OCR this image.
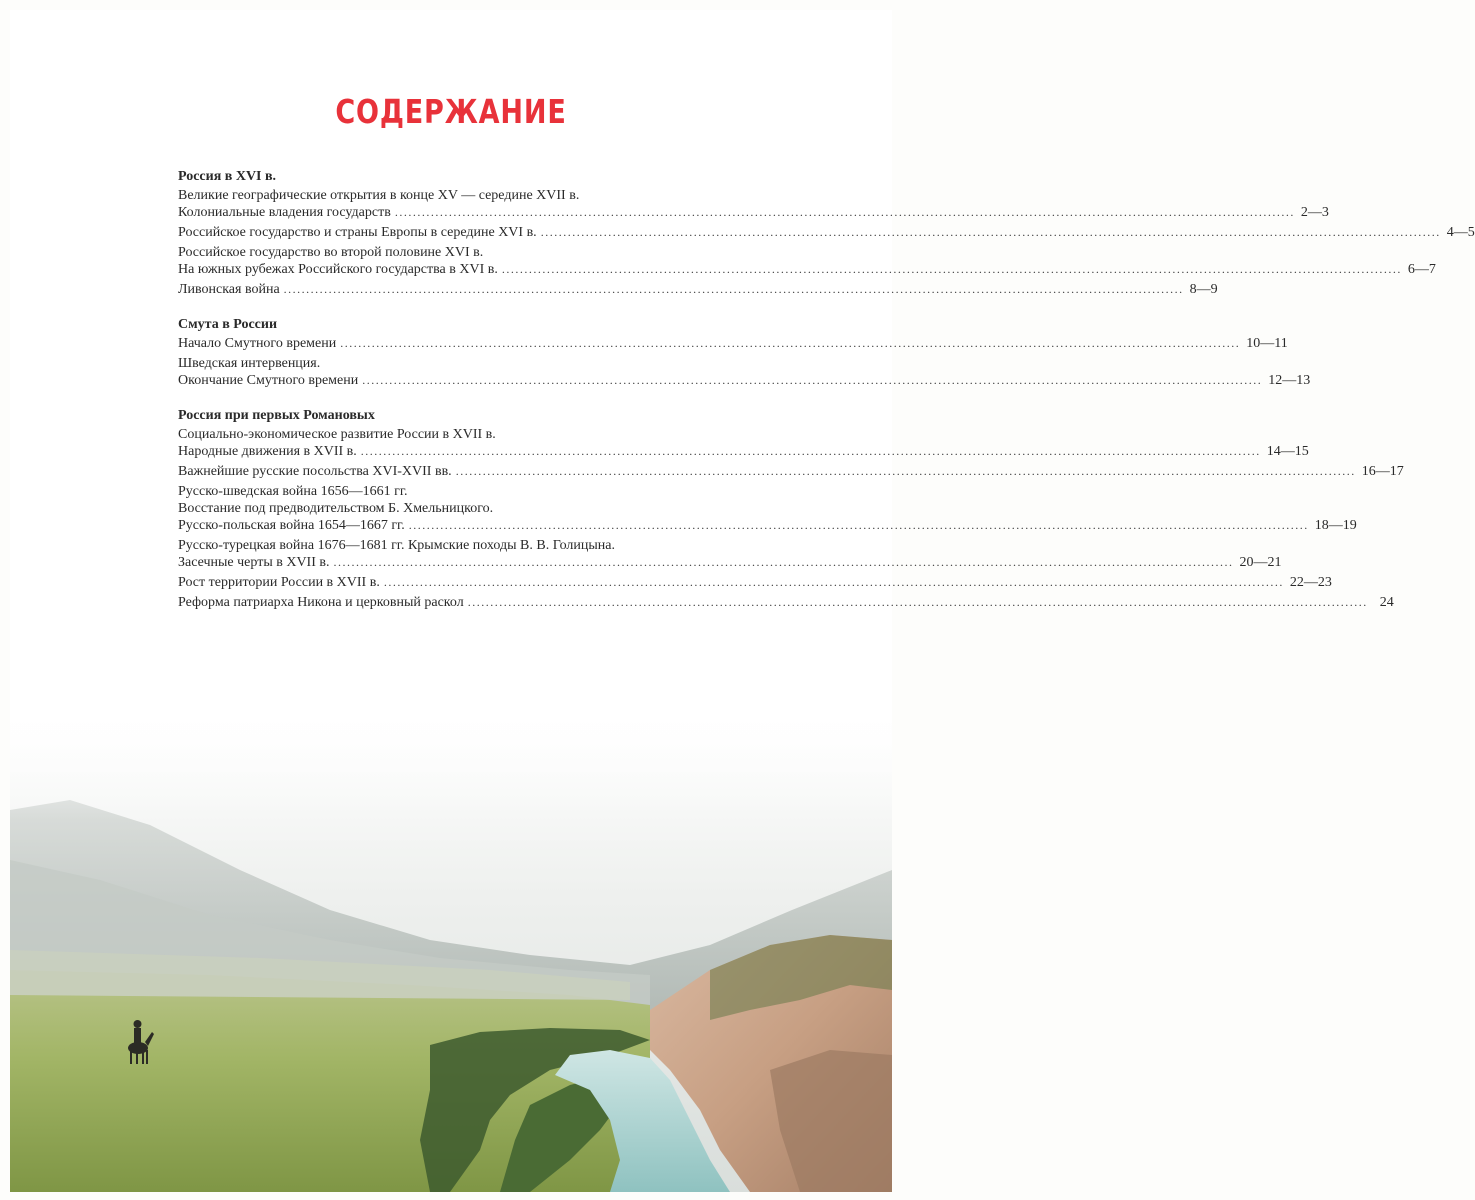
СОДЕРЖАНИЕ
Россия в XVI в.
Великие географические открытия в конце XV — середине XVII в.
Колониальные владения государств ........................................................................................................................................................................................................ 2—3
Российское государство и страны Европы в середине XVI в. ........................................................................................................................................................................................................ 4—5
Российское государство во второй половине XVI в.
На южных рубежах Российского государства в XVI в. ........................................................................................................................................................................................................ 6—7
Ливонская война ........................................................................................................................................................................................................ 8—9
Смута в России
Начало Смутного времени ........................................................................................................................................................................................................ 10—11
Шведская интервенция.
Окончание Смутного времени ........................................................................................................................................................................................................ 12—13
Россия при первых Романовых
Социально-экономическое развитие России в XVII в.
Народные движения в XVII в. ........................................................................................................................................................................................................ 14—15
Важнейшие русские посольства XVI-XVII вв. ........................................................................................................................................................................................................ 16—17
Русско-шведская война 1656—1661 гг.
Восстание под предводительством Б. Хмельницкого.
Русско-польская война 1654—1667 гг. ........................................................................................................................................................................................................ 18—19
Русско-турецкая война 1676—1681 гг. Крымские походы В. В. Голицына.
Засечные черты в XVII в. ........................................................................................................................................................................................................ 20—21
Рост территории России в XVII в. ........................................................................................................................................................................................................ 22—23
Реформа патриарха Никона и церковный раскол ........................................................................................................................................................................................................ 24
